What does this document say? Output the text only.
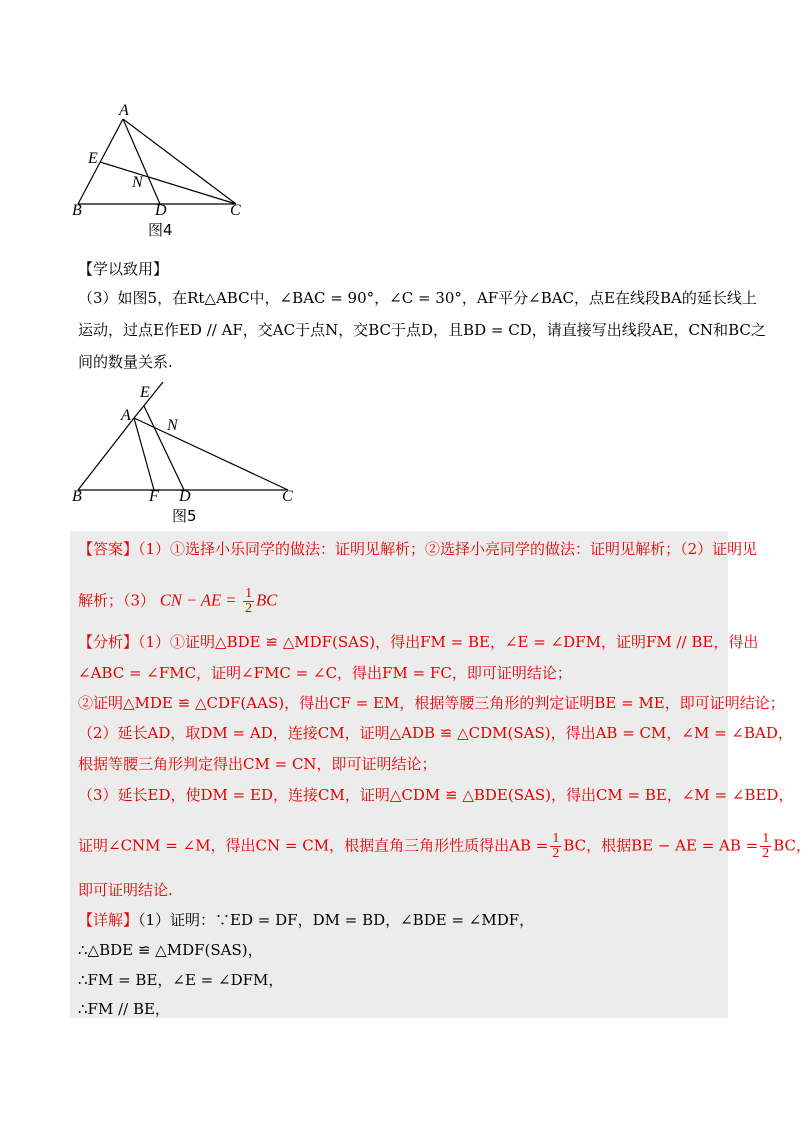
A
E
N
B	D	C
图4
【学以致用】
（3）如图5，在Rt△ABC中，∠BAC = 90°，∠C = 30°，AF平分∠BAC，点E在线段BA的延长线上
运动，过点E作ED // AF，交AC于点N，交BC于点D，且BD = CD，请直接写出线段AE，CN和BC之
间的数量关系.
E
A
N
B	F D	C
图5
【答案】（1）①选择小乐同学的做法：证明见解析；②选择小亮同学的做法：证明见解析；（2）证明见
解析；（3） CN − AE = $\frac{1}{2}$ BC
【分析】（1）①证明△BDE ≌ △MDF(SAS)，得出FM = BE，∠E = ∠DFM，证明FM // BE，得出
∠ABC = ∠FMC，证明∠FMC = ∠C，得出FM = FC，即可证明结论；
②证明△MDE ≌ △CDF(AAS)，得出CF = EM，根据等腰三角形的判定证明BE = ME，即可证明结论；
（2）延长AD，取DM = AD，连接CM，证明△ADB ≌ △CDM(SAS)，得出AB = CM，∠M = ∠BAD，
根据等腰三角形判定得出CM = CN，即可证明结论；
（3）延长ED，使DM = ED，连接CM，证明△CDM ≌ △BDE(SAS)，得出CM = BE，∠M = ∠BED，
证明∠CNM = ∠M，得出CN = CM，根据直角三角形性质得出AB = $\frac{1}{2}$ BC，根据BE − AE = AB = $\frac{1}{2}$ BC，
即可证明结论.
【详解】（1）证明：∵ED = DF，DM = BD，∠BDE = ∠MDF，
∴△BDE ≌ △MDF(SAS)，
∴FM = BE，∠E = ∠DFM，
∴FM // BE，
